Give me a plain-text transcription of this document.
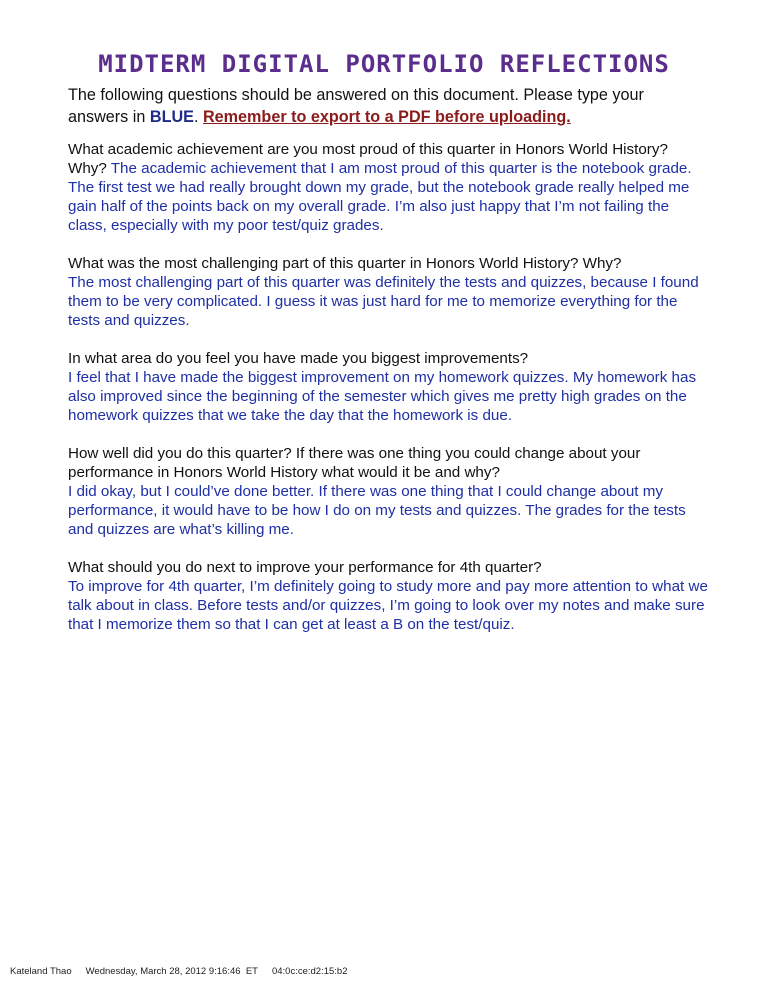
MIDTERM DIGITAL PORTFOLIO REFLECTIONS

The following questions should be answered on this document. Please type your answers in BLUE. Remember to export to a PDF before uploading.

What academic achievement are you most proud of this quarter in Honors World History? Why? The academic achievement that I am most proud of this quarter is the notebook grade. The first test we had really brought down my grade, but the notebook grade really helped me gain half of the points back on my overall grade. I’m also just happy that I’m not failing the class, especially with my poor test/quiz grades.
What was the most challenging part of this quarter in Honors World History? Why?
The most challenging part of this quarter was definitely the tests and quizzes, because I found them to be very complicated. I guess it was just hard for me to memorize everything for the tests and quizzes.
In what area do you feel you have made you biggest improvements?
I feel that I have made the biggest improvement on my homework quizzes. My homework has also improved since the beginning of the semester which gives me pretty high grades on the homework quizzes that we take the day that the homework is due.
How well did you do this quarter? If there was one thing you could change about your performance in Honors World History what would it be and why?
I did okay, but I could’ve done better. If there was one thing that I could change about my performance, it would have to be how I do on my tests and quizzes. The grades for the tests and quizzes are what’s killing me.
What should you do next to improve your performance for 4th quarter?
To improve for 4th quarter, I’m definitely going to study more and pay more attention to what we talk about in class. Before tests and/or quizzes, I’m going to look over my notes and make sure that I memorize them so that I can get at least a B on the test/quiz.
Kateland Thao Wednesday, March 28, 2012 9:16:46  ET 04:0c:ce:d2:15:b2
